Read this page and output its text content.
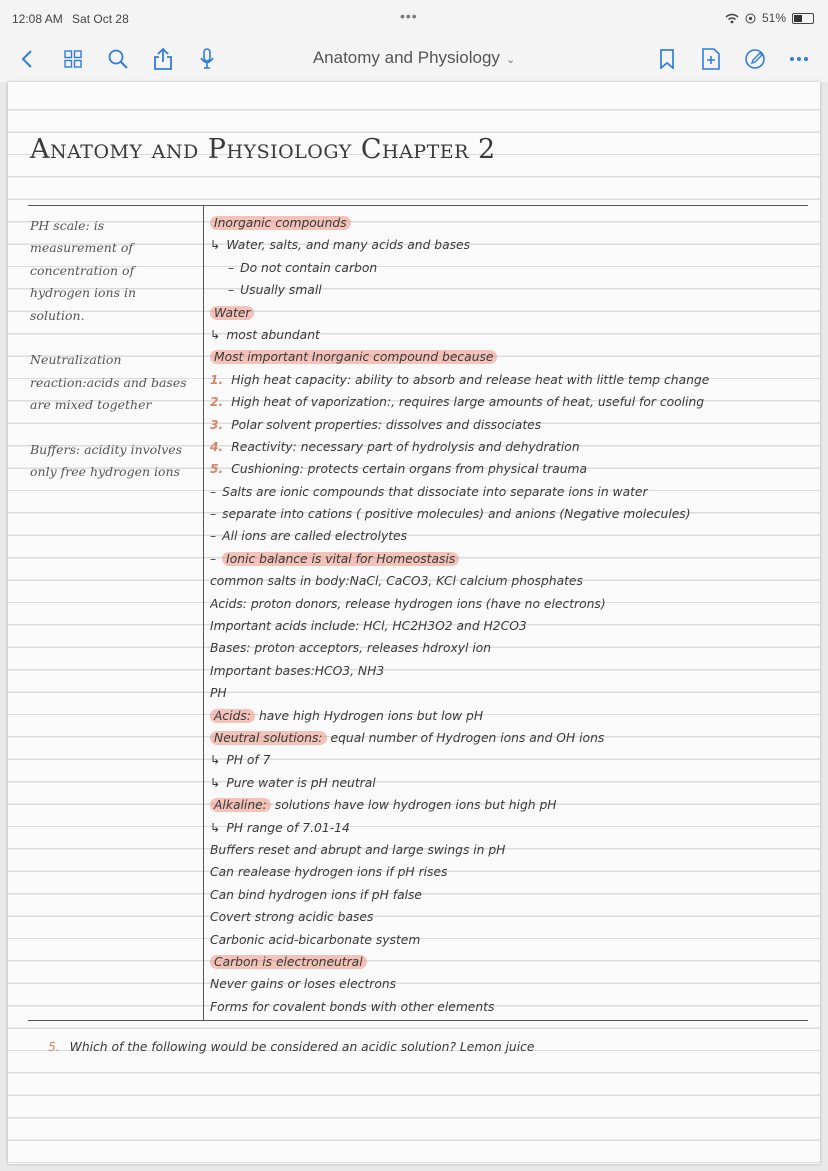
12:08 AM Sat Oct 28	•••	51%
Anatomy and Physiology ⌄
Anatomy and Physiology Chapter 2

PH scale: is measurement of concentration of hydrogen ions in solution.

Neutralization reaction:acids and bases are mixed together

Buffers: acidity involves only free hydrogen ions

Inorganic compounds
↳ Water, salts, and many acids and bases
– Do not contain carbon
– Usually small
Water
↳ most abundant
Most important Inorganic compound because
1. High heat capacity: ability to absorb and release heat with little temp change
2. High heat of vaporization:, requires large amounts of heat, useful for cooling
3. Polar solvent properties: dissolves and dissociates
4. Reactivity: necessary part of hydrolysis and dehydration
5. Cushioning: protects certain organs from physical trauma
– Salts are ionic compounds that dissociate into separate ions in water
– separate into cations ( positive molecules) and anions (Negative molecules)
– All ions are called electrolytes
– Ionic balance is vital for Homeostasis
common salts in body:NaCl, CaCO3, KCl calcium phosphates
Acids: proton donors, release hydrogen ions (have no electrons)
Important acids include: HCl, HC2H3O2 and H2CO3
Bases: proton acceptors, releases hdroxyl ion
Important bases:HCO3, NH3
PH
Acids: have high Hydrogen ions but low pH
Neutral solutions: equal number of Hydrogen ions and OH ions
↳ PH of 7
↳ Pure water is pH neutral
Alkaline: solutions have low hydrogen ions but high pH
↳ PH range of 7.01-14
Buffers reset and abrupt and large swings in pH
Can realease hydrogen ions if pH rises
Can bind hydrogen ions if pH false
Covert strong acidic bases
Carbonic acid-bicarbonate system
Carbon is electroneutral
Never gains or loses electrons
Forms for covalent bonds with other elements
5. Which of the following would be considered an acidic solution? Lemon juice
